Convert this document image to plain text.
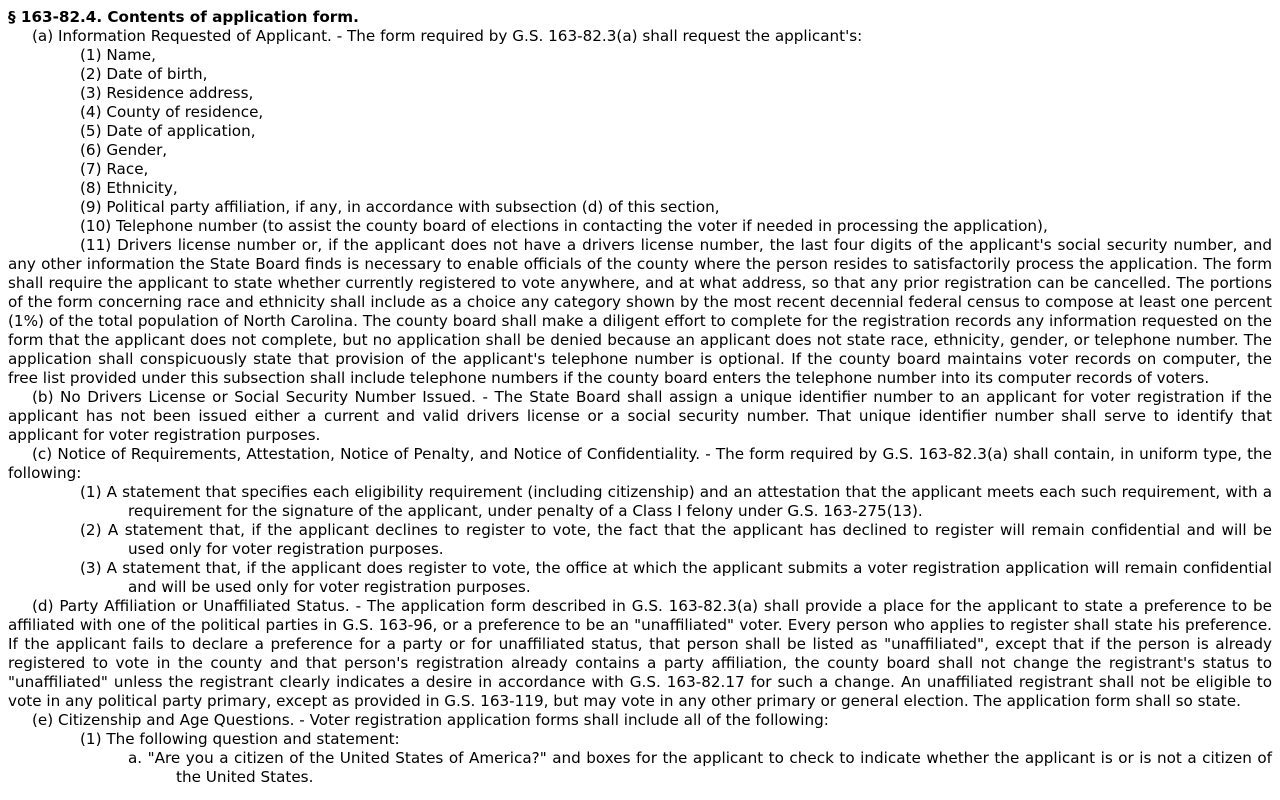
§ 163-82.4. Contents of application form.
(a) Information Requested of Applicant. - The form required by G.S. 163-82.3(a) shall request the applicant's:
(1) Name,
(2) Date of birth,
(3) Residence address,
(4) County of residence,
(5) Date of application,
(6) Gender,
(7) Race,
(8) Ethnicity,
(9) Political party affiliation, if any, in accordance with subsection (d) of this section,
(10) Telephone number (to assist the county board of elections in contacting the voter if needed in processing the application),
(11) Drivers license number or, if the applicant does not have a drivers license number, the last four digits of the applicant's social security number, and any other information the State Board finds is necessary to enable officials of the county where the person resides to satisfactorily process the application. The form shall require the applicant to state whether currently registered to vote anywhere, and at what address, so that any prior registration can be cancelled. The portions of the form concerning race and ethnicity shall include as a choice any category shown by the most recent decennial federal census to compose at least one percent (1%) of the total population of North Carolina. The county board shall make a diligent effort to complete for the registration records any information requested on the form that the applicant does not complete, but no application shall be denied because an applicant does not state race, ethnicity, gender, or telephone number. The application shall conspicuously state that provision of the applicant's telephone number is optional. If the county board maintains voter records on computer, the free list provided under this subsection shall include telephone numbers if the county board enters the telephone number into its computer records of voters.
(b) No Drivers License or Social Security Number Issued. - The State Board shall assign a unique identifier number to an applicant for voter registration if the applicant has not been issued either a current and valid drivers license or a social security number. That unique identifier number shall serve to identify that applicant for voter registration purposes.
(c) Notice of Requirements, Attestation, Notice of Penalty, and Notice of Confidentiality. - The form required by G.S. 163-82.3(a) shall contain, in uniform type, the following:
(1) A statement that specifies each eligibility requirement (including citizenship) and an attestation that the applicant meets each such requirement, with a requirement for the signature of the applicant, under penalty of a Class I felony under G.S. 163-275(13).
(2) A statement that, if the applicant declines to register to vote, the fact that the applicant has declined to register will remain confidential and will be used only for voter registration purposes.
(3) A statement that, if the applicant does register to vote, the office at which the applicant submits a voter registration application will remain confidential and will be used only for voter registration purposes.
(d) Party Affiliation or Unaffiliated Status. - The application form described in G.S. 163-82.3(a) shall provide a place for the applicant to state a preference to be affiliated with one of the political parties in G.S. 163-96, or a preference to be an "unaffiliated" voter. Every person who applies to register shall state his preference. If the applicant fails to declare a preference for a party or for unaffiliated status, that person shall be listed as "unaffiliated", except that if the person is already registered to vote in the county and that person's registration already contains a party affiliation, the county board shall not change the registrant's status to "unaffiliated" unless the registrant clearly indicates a desire in accordance with G.S. 163-82.17 for such a change. An unaffiliated registrant shall not be eligible to vote in any political party primary, except as provided in G.S. 163-119, but may vote in any other primary or general election. The application form shall so state.
(e) Citizenship and Age Questions. - Voter registration application forms shall include all of the following:
(1) The following question and statement:
a. "Are you a citizen of the United States of America?" and boxes for the applicant to check to indicate whether the applicant is or is not a citizen of the United States.
